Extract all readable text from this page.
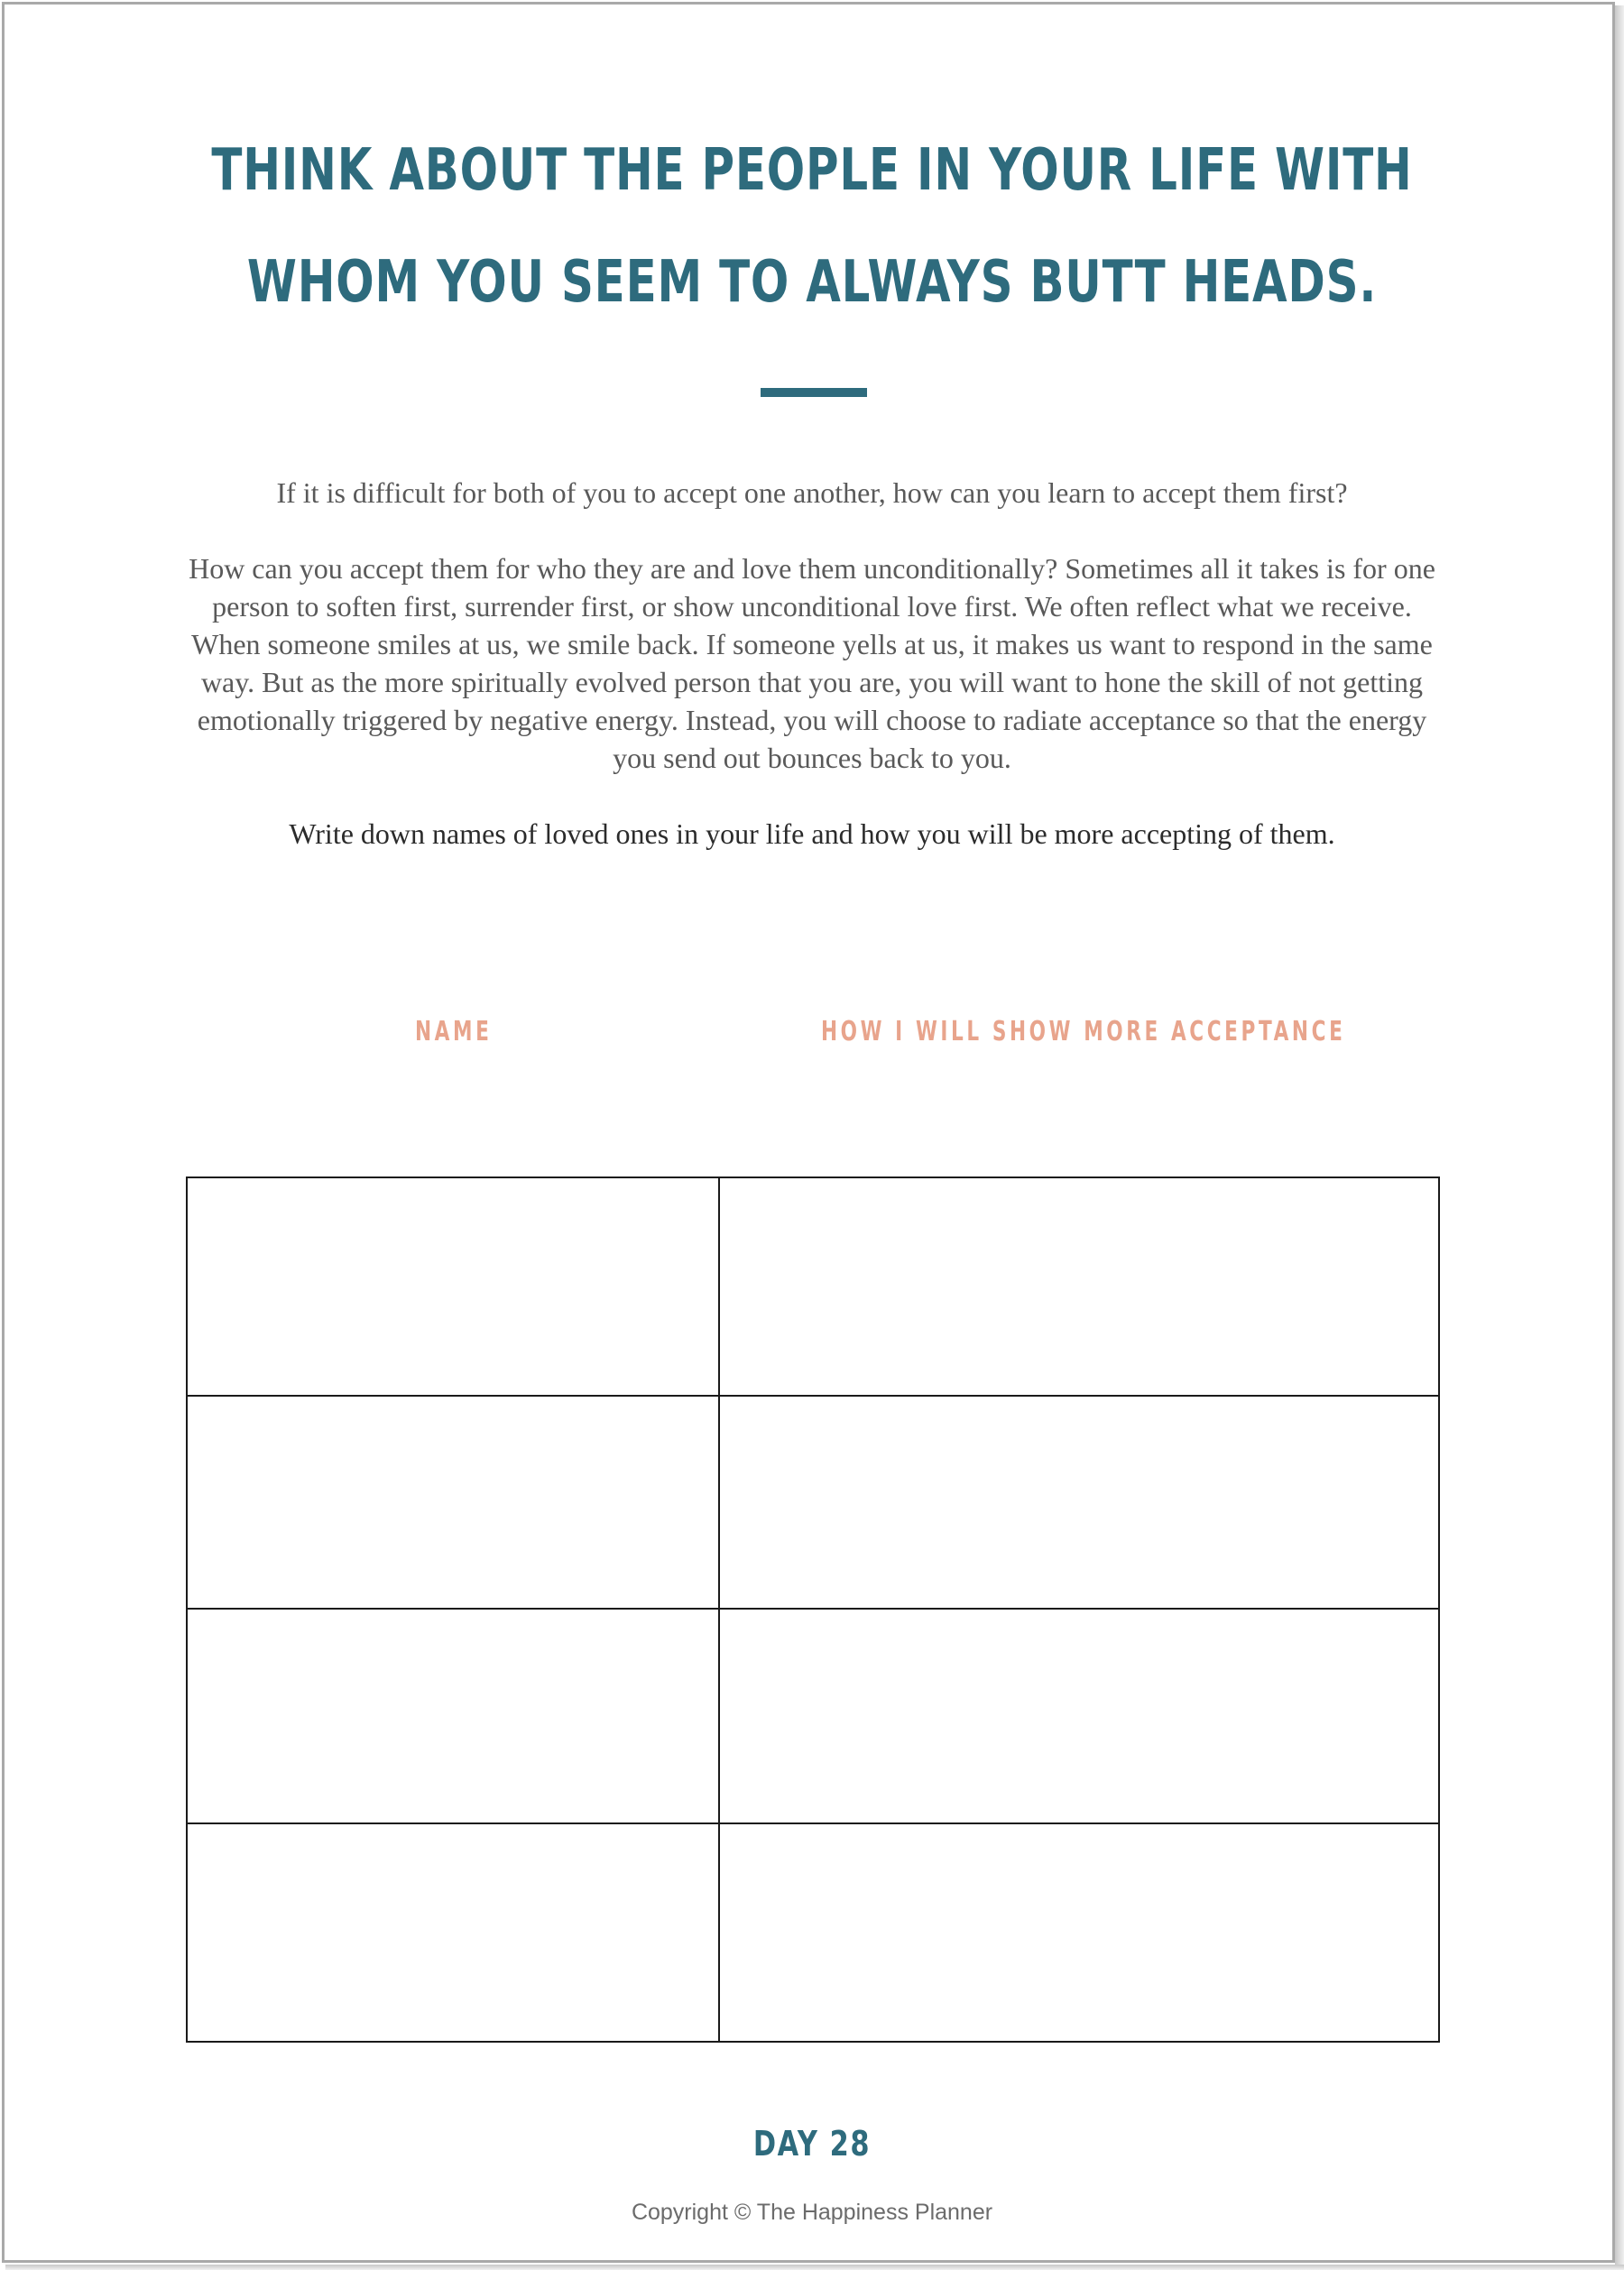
THINK ABOUT THE PEOPLE IN YOUR LIFE WITH
WHOM YOU SEEM TO ALWAYS BUTT HEADS.

If it is difficult for both of you to accept one another, how can you learn to accept them first?

How can you accept them for who they are and love them unconditionally? Sometimes all it takes is for one person to soften first, surrender first, or show unconditional love first. We often reflect what we receive. When someone smiles at us, we smile back. If someone yells at us, it makes us want to respond in the same way. But as the more spiritually evolved person that you are, you will want to hone the skill of not getting emotionally triggered by negative energy. Instead, you will choose to radiate acceptance so that the energy you send out bounces back to you.

Write down names of loved ones in your life and how you will be more accepting of them.

NAME	HOW I WILL SHOW MORE ACCEPTANCE

DAY 28
Copyright © The Happiness Planner
